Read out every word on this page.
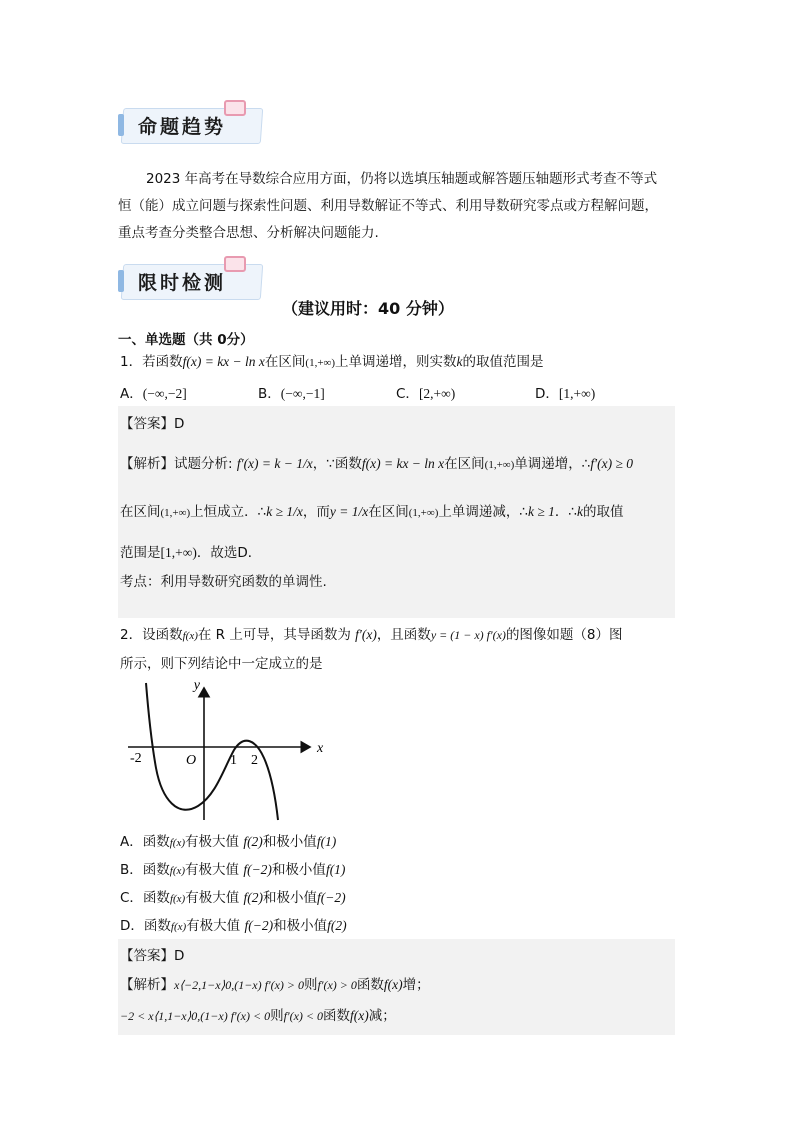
命题趋势
2023 年高考在导数综合应用方面，仍将以选填压轴题或解答题压轴题形式考查不等式
恒（能）成立问题与探索性问题、利用导数解证不等式、利用导数研究零点或方程解问题，
重点考查分类整合思想、分析解决问题能力.
限时检测
（建议用时：40 分钟）
一、单选题（共 0分）
1．若函数f(x) = kx − ln x在区间(1,+∞)上单调递增，则实数k的取值范围是
A．(−∞,−2]	B．(−∞,−1]	C．[2,+∞)	D．[1,+∞)
【答案】D
【解析】试题分析: f′(x) = k − 1/x，∵函数f(x) = kx − ln x在区间(1,+∞)单调递增，∴f′(x) ≥ 0
在区间(1,+∞)上恒成立．∴k ≥ 1/x，而y = 1/x在区间(1,+∞)上单调递减，∴k ≥ 1．∴k的取值
范围是[1,+∞)．故选D．
考点：利用导数研究函数的单调性.
2．设函数f(x)在 R 上可导，其导函数为 f′(x)，且函数y = (1 − x) f′(x)的图像如题（8）图
所示，则下列结论中一定成立的是
y
x
O
-2	1 2
A．函数f(x)有极大值 f(2)和极小值f(1)
B．函数f(x)有极大值 f(−2)和极小值f(1)
C．函数f(x)有极大值 f(2)和极小值f(−2)
D．函数f(x)有极大值 f(−2)和极小值f(2)
【答案】D
【解析】x⟨−2,1−x⟩0,(1−x) f′(x) > 0则f′(x) > 0函数f(x)增；
−2 < x⟨1,1−x⟩0,(1−x) f′(x) < 0则f′(x) < 0函数f(x)减；
